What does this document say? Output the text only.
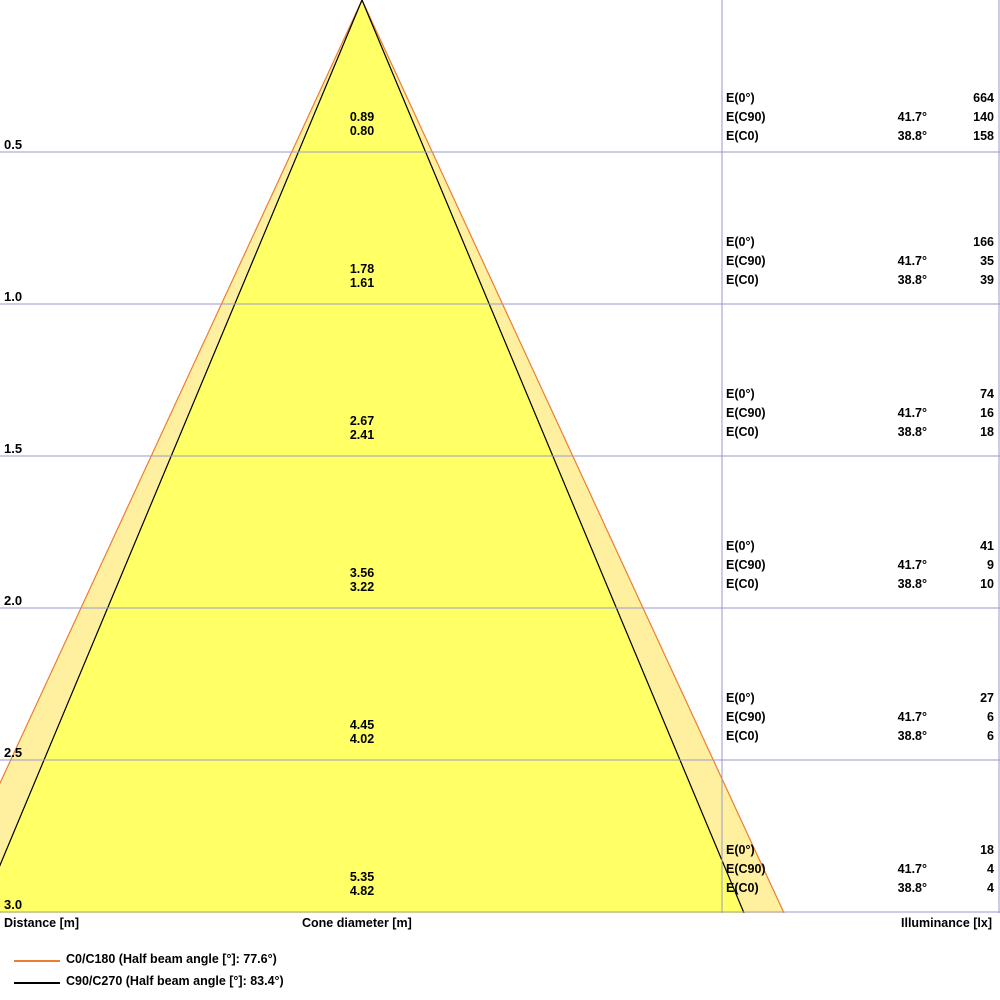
0.5
1.0
1.5
2.0
2.5
3.0
0.89
0.80
1.78
1.61
2.67
2.41
3.56
3.22
4.45
4.02
5.35
4.82
E(0°)	664
E(C90)	41.7°	140
E(C0)	38.8°	158
E(0°)	166
E(C90)	41.7°	35
E(C0)	38.8°	39
E(0°)	74
E(C90)	41.7°	16
E(C0)	38.8°	18
E(0°)	41
E(C90)	41.7°	9
E(C0)	38.8°	10
E(0°)	27
E(C90)	41.7°	6
E(C0)	38.8°	6
E(0°)	18
E(C90)	41.7°	4
E(C0)	38.8°	4
Distance [m]	Cone diameter [m]	Illuminance [lx]
C0/C180 (Half beam angle [°]: 77.6°)
C90/C270 (Half beam angle [°]: 83.4°)
